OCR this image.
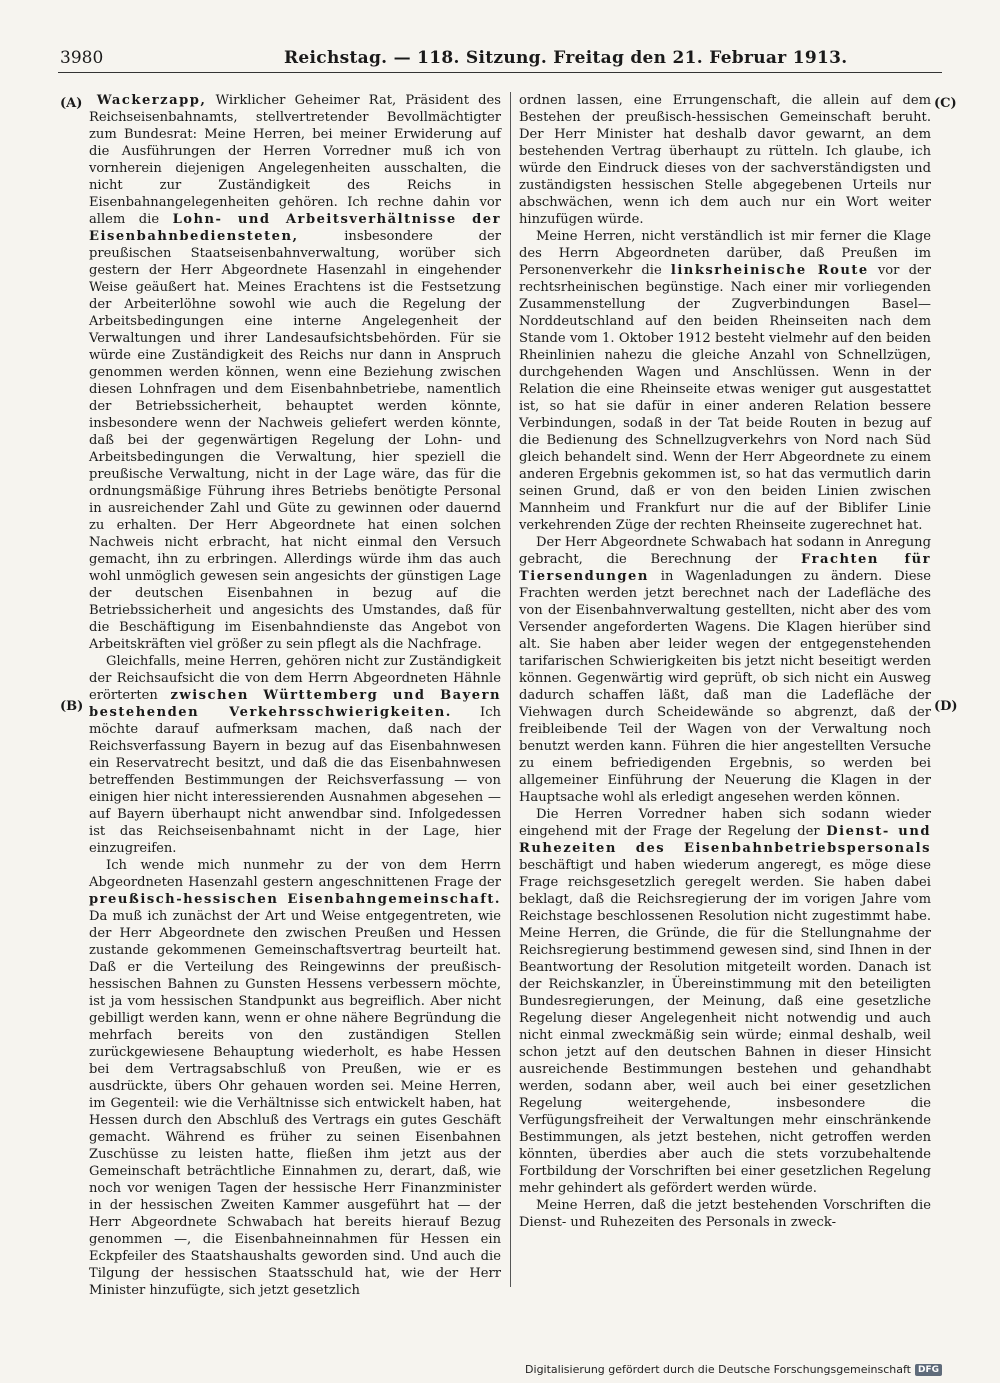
3980	Reichstag. — 118. Sitzung. Freitag den 21. Februar 1913.
(A)
(B)
(C)
(D)

Wackerzapp, Wirklicher Geheimer Rat, Präsident des Reichseisenbahnamts, stellvertretender Bevollmächtigter zum Bundesrat: Meine Herren, bei meiner Erwiderung auf die Ausführungen der Herren Vorredner muß ich von vornherein diejenigen Angelegenheiten ausschalten, die nicht zur Zuständigkeit des Reichs in Eisenbahnangelegenheiten gehören. Ich rechne dahin vor allem die Lohn- und Arbeitsverhältnisse der Eisenbahnbediensteten, insbesondere der preußischen Staatseisenbahnverwaltung, worüber sich gestern der Herr Abgeordnete Hasenzahl in eingehender Weise geäußert hat. Meines Erachtens ist die Festsetzung der Arbeiterlöhne sowohl wie auch die Regelung der Arbeitsbedingungen eine interne Angelegenheit der Verwaltungen und ihrer Landesaufsichtsbehörden. Für sie würde eine Zuständigkeit des Reichs nur dann in Anspruch genommen werden können, wenn eine Beziehung zwischen diesen Lohnfragen und dem Eisenbahnbetriebe, namentlich der Betriebssicherheit, behauptet werden könnte, insbesondere wenn der Nachweis geliefert werden könnte, daß bei der gegenwärtigen Regelung der Lohn- und Arbeitsbedingungen die Verwaltung, hier speziell die preußische Verwaltung, nicht in der Lage wäre, das für die ordnungsmäßige Führung ihres Betriebs benötigte Personal in ausreichender Zahl und Güte zu gewinnen oder dauernd zu erhalten. Der Herr Abgeordnete hat einen solchen Nachweis nicht erbracht, hat nicht einmal den Versuch gemacht, ihn zu erbringen. Allerdings würde ihm das auch wohl unmöglich gewesen sein angesichts der günstigen Lage der deutschen Eisenbahnen in bezug auf die Betriebssicherheit und angesichts des Umstandes, daß für die Beschäftigung im Eisenbahndienste das Angebot von Arbeitskräften viel größer zu sein pflegt als die Nachfrage.

Gleichfalls, meine Herren, gehören nicht zur Zuständigkeit der Reichsaufsicht die von dem Herrn Abgeordneten Hähnle erörterten zwischen Württemberg und Bayern bestehenden Verkehrsschwierigkeiten. Ich möchte darauf aufmerksam machen, daß nach der Reichsverfassung Bayern in bezug auf das Eisenbahnwesen ein Reservatrecht besitzt, und daß die das Eisenbahnwesen betreffenden Bestimmungen der Reichsverfassung — von einigen hier nicht interessierenden Ausnahmen abgesehen — auf Bayern überhaupt nicht anwendbar sind. Infolgedessen ist das Reichseisenbahnamt nicht in der Lage, hier einzugreifen.

Ich wende mich nunmehr zu der von dem Herrn Abgeordneten Hasenzahl gestern angeschnittenen Frage der preußisch-hessischen Eisenbahngemeinschaft. Da muß ich zunächst der Art und Weise entgegentreten, wie der Herr Abgeordnete den zwischen Preußen und Hessen zustande gekommenen Gemeinschaftsvertrag beurteilt hat. Daß er die Verteilung des Reingewinns der preußisch-hessischen Bahnen zu Gunsten Hessens verbessern möchte, ist ja vom hessischen Standpunkt aus begreiflich. Aber nicht gebilligt werden kann, wenn er ohne nähere Begründung die mehrfach bereits von den zuständigen Stellen zurückgewiesene Behauptung wiederholt, es habe Hessen bei dem Vertragsabschluß von Preußen, wie er es ausdrückte, übers Ohr gehauen worden sei. Meine Herren, im Gegenteil: wie die Verhältnisse sich entwickelt haben, hat Hessen durch den Abschluß des Vertrags ein gutes Geschäft gemacht. Während es früher zu seinen Eisenbahnen Zuschüsse zu leisten hatte, fließen ihm jetzt aus der Gemeinschaft beträchtliche Einnahmen zu, derart, daß, wie noch vor wenigen Tagen der hessische Herr Finanzminister in der hessischen Zweiten Kammer ausgeführt hat — der Herr Abgeordnete Schwabach hat bereits hierauf Bezug genommen —, die Eisenbahneinnahmen für Hessen ein Eckpfeiler des Staatshaushalts geworden sind. Und auch die Tilgung der hessischen Staatsschuld hat, wie der Herr Minister hinzufügte, sich jetzt gesetzlich

ordnen lassen, eine Errungenschaft, die allein auf dem Bestehen der preußisch-hessischen Gemeinschaft beruht. Der Herr Minister hat deshalb davor gewarnt, an dem bestehenden Vertrag überhaupt zu rütteln. Ich glaube, ich würde den Eindruck dieses von der sachverständigsten und zuständigsten hessischen Stelle abgegebenen Urteils nur abschwächen, wenn ich dem auch nur ein Wort weiter hinzufügen würde.

Meine Herren, nicht verständlich ist mir ferner die Klage des Herrn Abgeordneten darüber, daß Preußen im Personenverkehr die linksrheinische Route vor der rechtsrheinischen begünstige. Nach einer mir vorliegenden Zusammenstellung der Zugverbindungen Basel—Norddeutschland auf den beiden Rheinseiten nach dem Stande vom 1. Oktober 1912 besteht vielmehr auf den beiden Rheinlinien nahezu die gleiche Anzahl von Schnellzügen, durchgehenden Wagen und Anschlüssen. Wenn in der Relation die eine Rheinseite etwas weniger gut ausgestattet ist, so hat sie dafür in einer anderen Relation bessere Verbindungen, sodaß in der Tat beide Routen in bezug auf die Bedienung des Schnellzugverkehrs von Nord nach Süd gleich behandelt sind. Wenn der Herr Abgeordnete zu einem anderen Ergebnis gekommen ist, so hat das vermutlich darin seinen Grund, daß er von den beiden Linien zwischen Mannheim und Frankfurt nur die auf der Biblifer Linie verkehrenden Züge der rechten Rheinseite zugerechnet hat.

Der Herr Abgeordnete Schwabach hat sodann in Anregung gebracht, die Berechnung der Frachten für Tiersendungen in Wagenladungen zu ändern. Diese Frachten werden jetzt berechnet nach der Ladefläche des von der Eisenbahnverwaltung gestellten, nicht aber des vom Versender angeforderten Wagens. Die Klagen hierüber sind alt. Sie haben aber leider wegen der entgegenstehenden tarifarischen Schwierigkeiten bis jetzt nicht beseitigt werden können. Gegenwärtig wird geprüft, ob sich nicht ein Ausweg dadurch schaffen läßt, daß man die Ladefläche der Viehwagen durch Scheidewände so abgrenzt, daß der freibleibende Teil der Wagen von der Verwaltung noch benutzt werden kann. Führen die hier angestellten Versuche zu einem befriedigenden Ergebnis, so werden bei allgemeiner Einführung der Neuerung die Klagen in der Hauptsache wohl als erledigt angesehen werden können.

Die Herren Vorredner haben sich sodann wieder eingehend mit der Frage der Regelung der Dienst- und Ruhezeiten des Eisenbahnbetriebspersonals beschäftigt und haben wiederum angeregt, es möge diese Frage reichsgesetzlich geregelt werden. Sie haben dabei beklagt, daß die Reichsregierung der im vorigen Jahre vom Reichstage beschlossenen Resolution nicht zugestimmt habe. Meine Herren, die Gründe, die für die Stellungnahme der Reichsregierung bestimmend gewesen sind, sind Ihnen in der Beantwortung der Resolution mitgeteilt worden. Danach ist der Reichskanzler, in Übereinstimmung mit den beteiligten Bundesregierungen, der Meinung, daß eine gesetzliche Regelung dieser Angelegenheit nicht notwendig und auch nicht einmal zweckmäßig sein würde; einmal deshalb, weil schon jetzt auf den deutschen Bahnen in dieser Hinsicht ausreichende Bestimmungen bestehen und gehandhabt werden, sodann aber, weil auch bei einer gesetzlichen Regelung weitergehende, insbesondere die Verfügungsfreiheit der Verwaltungen mehr einschränkende Bestimmungen, als jetzt bestehen, nicht getroffen werden könnten, überdies aber auch die stets vorzubehaltende Fortbildung der Vorschriften bei einer gesetzlichen Regelung mehr gehindert als gefördert werden würde.

Meine Herren, daß die jetzt bestehenden Vorschriften die Dienst- und Ruhezeiten des Personals in zweck-

Digitalisierung gefördert durch die Deutsche Forschungsgemeinschaft DFG
